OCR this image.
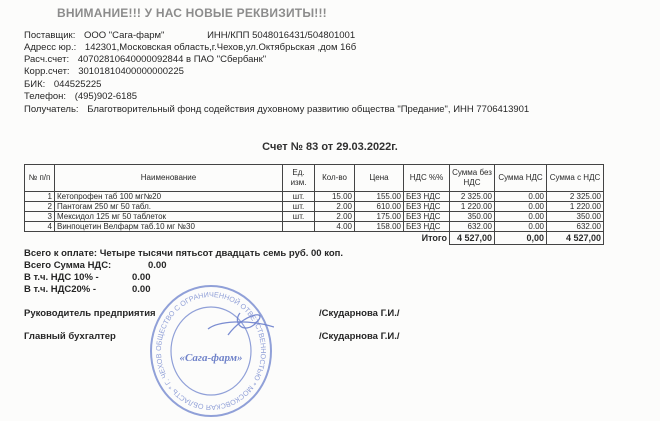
ВНИМАНИЕ!!! У НАС НОВЫЕ РЕКВИЗИТЫ!!!
Поставщик: ООО "Сага-фарм"	ИНН/КПП 5048016431/504801001
Адресс юр.: 142301,Московская область,г.Чехов,ул.Октябрьская ,дом 16б
Расч.счет: 40702810640000092844 в ПАО "Сбербанк"
Корр.счет: 30101810400000000225
БИК: 044525225
Телефон: (495)902-6185
Получатель: Благотворительный фонд содействия духовному развитию общества "Предание", ИНН 7706413901
Счет № 83 от 29.03.2022г.
№ п/п	Наименование	Ед. изм.	Кол-во	Цена	НДС %%	Сумма без НДС	Сумма НДС	Сумма с НДС
1	Кетопрофен таб 100 мг№20	шт.	15.00	155.00	БЕЗ НДС	2 325.00	0.00	2 325.00
2	Пантогам 250 мг 50 табл.	шт.	2.00	610.00	БЕЗ НДС	1 220.00	0.00	1 220.00
3	Мексидол 125 мг 50 таблеток	шт.	2.00	175.00	БЕЗ НДС	350.00	0.00	350.00
4	Винпоцетин Велфарм таб.10 мг №30		4.00	158.00	БЕЗ НДС	632.00	0.00	632.00
					Итого	4 527,00	0,00	4 527,00
Всего к оплате: Четыре тысячи пятьсот двадцать семь руб. 00 коп.
Всего Сумма НДС:	0.00
В т.ч. НДС 10% -	0.00
В т.ч. НДС20% -	0.00
Руководитель предприятия	/Скударнова Г.И./
Главный бухгалтер	/Скударнова Г.И./
ОБЩЕСТВО С ОГРАНИЧЕННОЙ ОТВЕТСТВЕННОСТЬЮ * МОСКОВСКАЯ ОБЛАСТЬ * Г. ЧЕХОВ	«Сага-фарм»
